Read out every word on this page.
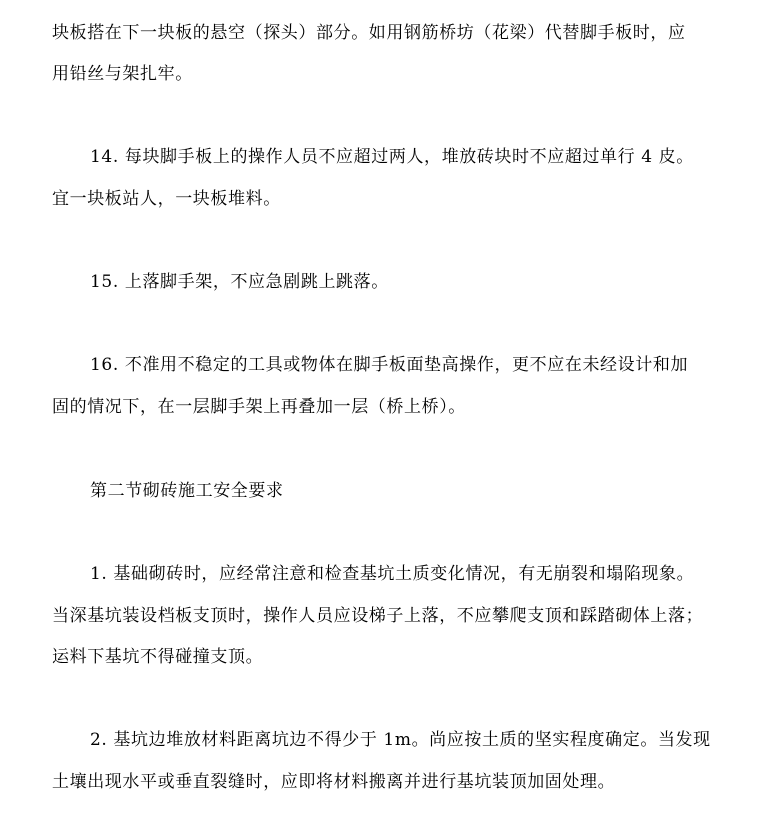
块板搭在下一块板的悬空（探头）部分。如用钢筋桥坊（花梁）代替脚手板时，应
用铅丝与架扎牢。
14. 每块脚手板上的操作人员不应超过两人，堆放砖块时不应超过单行 4 皮。
宜一块板站人，一块板堆料。
15. 上落脚手架，不应急剧跳上跳落。
16. 不准用不稳定的工具或物体在脚手板面垫高操作，更不应在未经设计和加
固的情况下，在一层脚手架上再叠加一层（桥上桥）。
第二节砌砖施工安全要求
1. 基础砌砖时，应经常注意和检查基坑土质变化情况，有无崩裂和塌陷现象。
当深基坑装设档板支顶时，操作人员应设梯子上落，不应攀爬支顶和踩踏砌体上落；
运料下基坑不得碰撞支顶。
2. 基坑边堆放材料距离坑边不得少于 1m。尚应按土质的坚实程度确定。当发现
土壤出现水平或垂直裂缝时，应即将材料搬离并进行基坑装顶加固处理。
